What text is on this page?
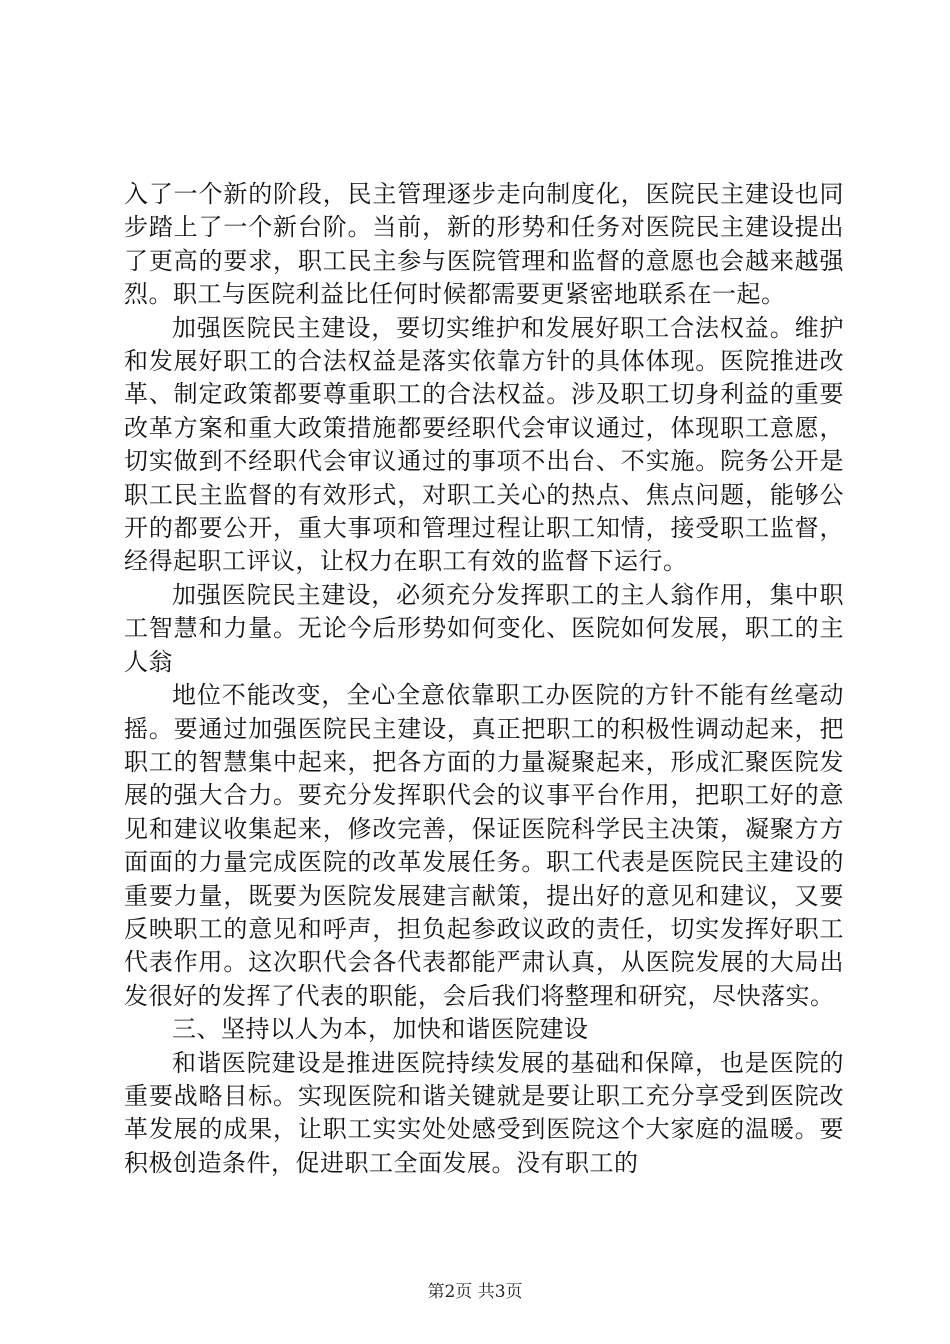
入了一个新的阶段，民主管理逐步走向制度化，医院民主建设也同步踏上了一个新台阶。当前，新的形势和任务对医院民主建设提出了更高的要求，职工民主参与医院管理和监督的意愿也会越来越强烈。职工与医院利益比任何时候都需要更紧密地联系在一起。

加强医院民主建设，要切实维护和发展好职工合法权益。维护和发展好职工的合法权益是落实依靠方针的具体体现。医院推进改革、制定政策都要尊重职工的合法权益。涉及职工切身利益的重要改革方案和重大政策措施都要经职代会审议通过，体现职工意愿，切实做到不经职代会审议通过的事项不出台、不实施。院务公开是职工民主监督的有效形式，对职工关心的热点、焦点问题，能够公开的都要公开，重大事项和管理过程让职工知情，接受职工监督，经得起职工评议，让权力在职工有效的监督下运行。

加强医院民主建设，必须充分发挥职工的主人翁作用，集中职工智慧和力量。无论今后形势如何变化、医院如何发展，职工的主人翁

地位不能改变，全心全意依靠职工办医院的方针不能有丝毫动摇。要通过加强医院民主建设，真正把职工的积极性调动起来，把职工的智慧集中起来，把各方面的力量凝聚起来，形成汇聚医院发展的强大合力。要充分发挥职代会的议事平台作用，把职工好的意见和建议收集起来，修改完善，保证医院科学民主决策，凝聚方方面面的力量完成医院的改革发展任务。职工代表是医院民主建设的重要力量，既要为医院发展建言献策，提出好的意见和建议，又要反映职工的意见和呼声，担负起参政议政的责任，切实发挥好职工代表作用。这次职代会各代表都能严肃认真，从医院发展的大局出发很好的发挥了代表的职能，会后我们将整理和研究，尽快落实。

三、坚持以人为本，加快和谐医院建设

和谐医院建设是推进医院持续发展的基础和保障，也是医院的重要战略目标。实现医院和谐关键就是要让职工充分享受到医院改革发展的成果，让职工实实处处感受到医院这个大家庭的温暖。要积极创造条件，促进职工全面发展。没有职工的

第2页 共3页
